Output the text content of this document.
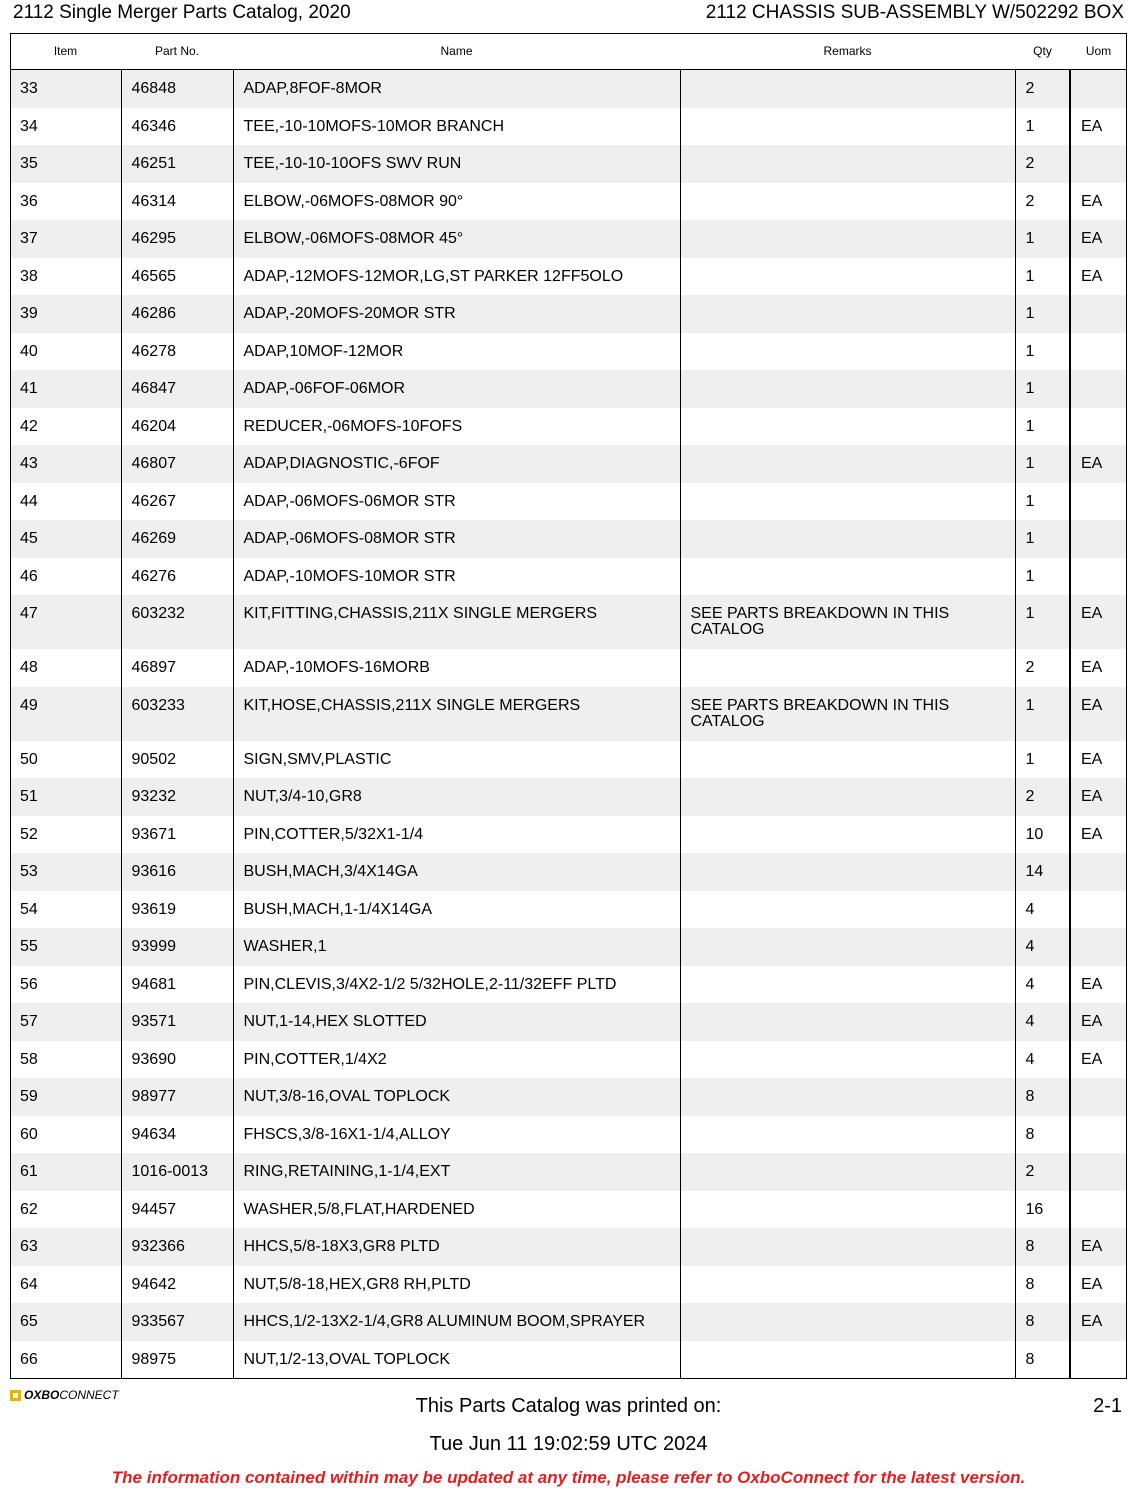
2112 Single Merger Parts Catalog, 2020	2112 CHASSIS SUB-ASSEMBLY W/502292 BOX
Item	Part No.	Name	Remarks	Qty	Uom
33	46848	ADAP,8FOF-8MOR		2	
34	46346	TEE,-10-10MOFS-10MOR BRANCH		1	EA
35	46251	TEE,-10-10-10OFS SWV RUN		2	
36	46314	ELBOW,-06MOFS-08MOR 90°		2	EA
37	46295	ELBOW,-06MOFS-08MOR 45°		1	EA
38	46565	ADAP,-12MOFS-12MOR,LG,ST PARKER 12FF5OLO		1	EA
39	46286	ADAP,-20MOFS-20MOR STR		1	
40	46278	ADAP,10MOF-12MOR		1	
41	46847	ADAP,-06FOF-06MOR		1	
42	46204	REDUCER,-06MOFS-10FOFS		1	
43	46807	ADAP,DIAGNOSTIC,-6FOF		1	EA
44	46267	ADAP,-06MOFS-06MOR STR		1	
45	46269	ADAP,-06MOFS-08MOR STR		1	
46	46276	ADAP,-10MOFS-10MOR STR		1	
47	603232	KIT,FITTING,CHASSIS,211X SINGLE MERGERS	SEE PARTS BREAKDOWN IN THIS CATALOG	1	EA
48	46897	ADAP,-10MOFS-16MORB		2	EA
49	603233	KIT,HOSE,CHASSIS,211X SINGLE MERGERS	SEE PARTS BREAKDOWN IN THIS CATALOG	1	EA
50	90502	SIGN,SMV,PLASTIC		1	EA
51	93232	NUT,3/4-10,GR8		2	EA
52	93671	PIN,COTTER,5/32X1-1/4		10	EA
53	93616	BUSH,MACH,3/4X14GA		14	
54	93619	BUSH,MACH,1-1/4X14GA		4	
55	93999	WASHER,1		4	
56	94681	PIN,CLEVIS,3/4X2-1/2 5/32HOLE,2-11/32EFF PLTD		4	EA
57	93571	NUT,1-14,HEX SLOTTED		4	EA
58	93690	PIN,COTTER,1/4X2		4	EA
59	98977	NUT,3/8-16,OVAL TOPLOCK		8	
60	94634	FHSCS,3/8-16X1-1/4,ALLOY		8	
61	1016-0013	RING,RETAINING,1-1/4,EXT		2	
62	94457	WASHER,5/8,FLAT,HARDENED		16	
63	932366	HHCS,5/8-18X3,GR8 PLTD		8	EA
64	94642	NUT,5/8-18,HEX,GR8 RH,PLTD		8	EA
65	933567	HHCS,1/2-13X2-1/4,GR8 ALUMINUM BOOM,SPRAYER		8	EA
66	98975	NUT,1/2-13,OVAL TOPLOCK		8	
OXBOCONNECT	This Parts Catalog was printed on:	2-1
Tue Jun 11 19:02:59 UTC 2024
The information contained within may be updated at any time, please refer to OxboConnect for the latest version.
